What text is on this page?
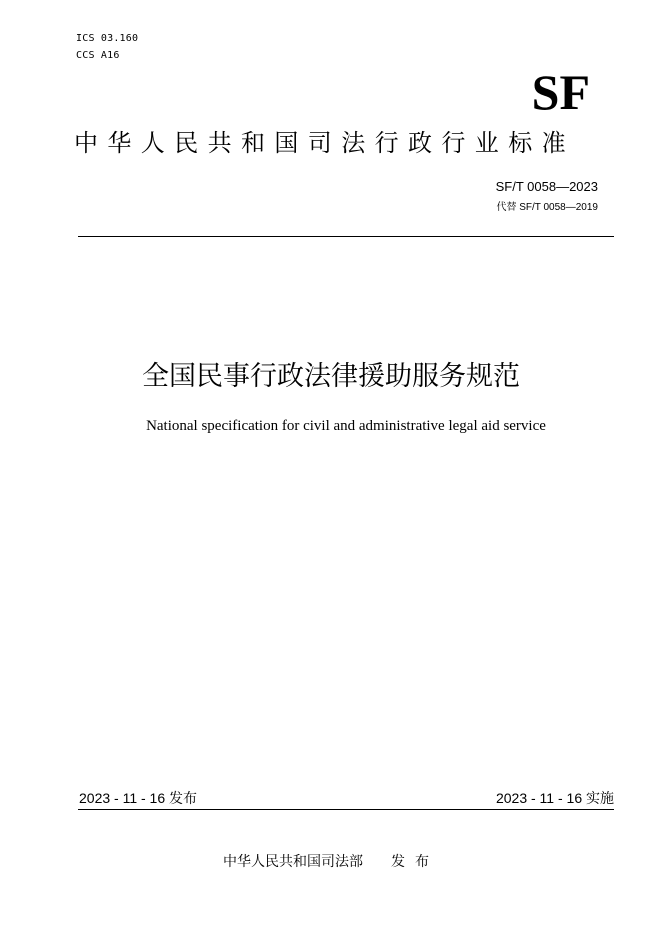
ICS 03.160
CCS A16
SF
中华人民共和国司法行政行业标准
SF/T 0058—2023
代替 SF/T 0058—2019
全国民事行政法律援助服务规范
National specification for civil and administrative legal aid service
2023 - 11 - 16 发布	2023 - 11 - 16 实施
中华人民共和国司法部 发布
